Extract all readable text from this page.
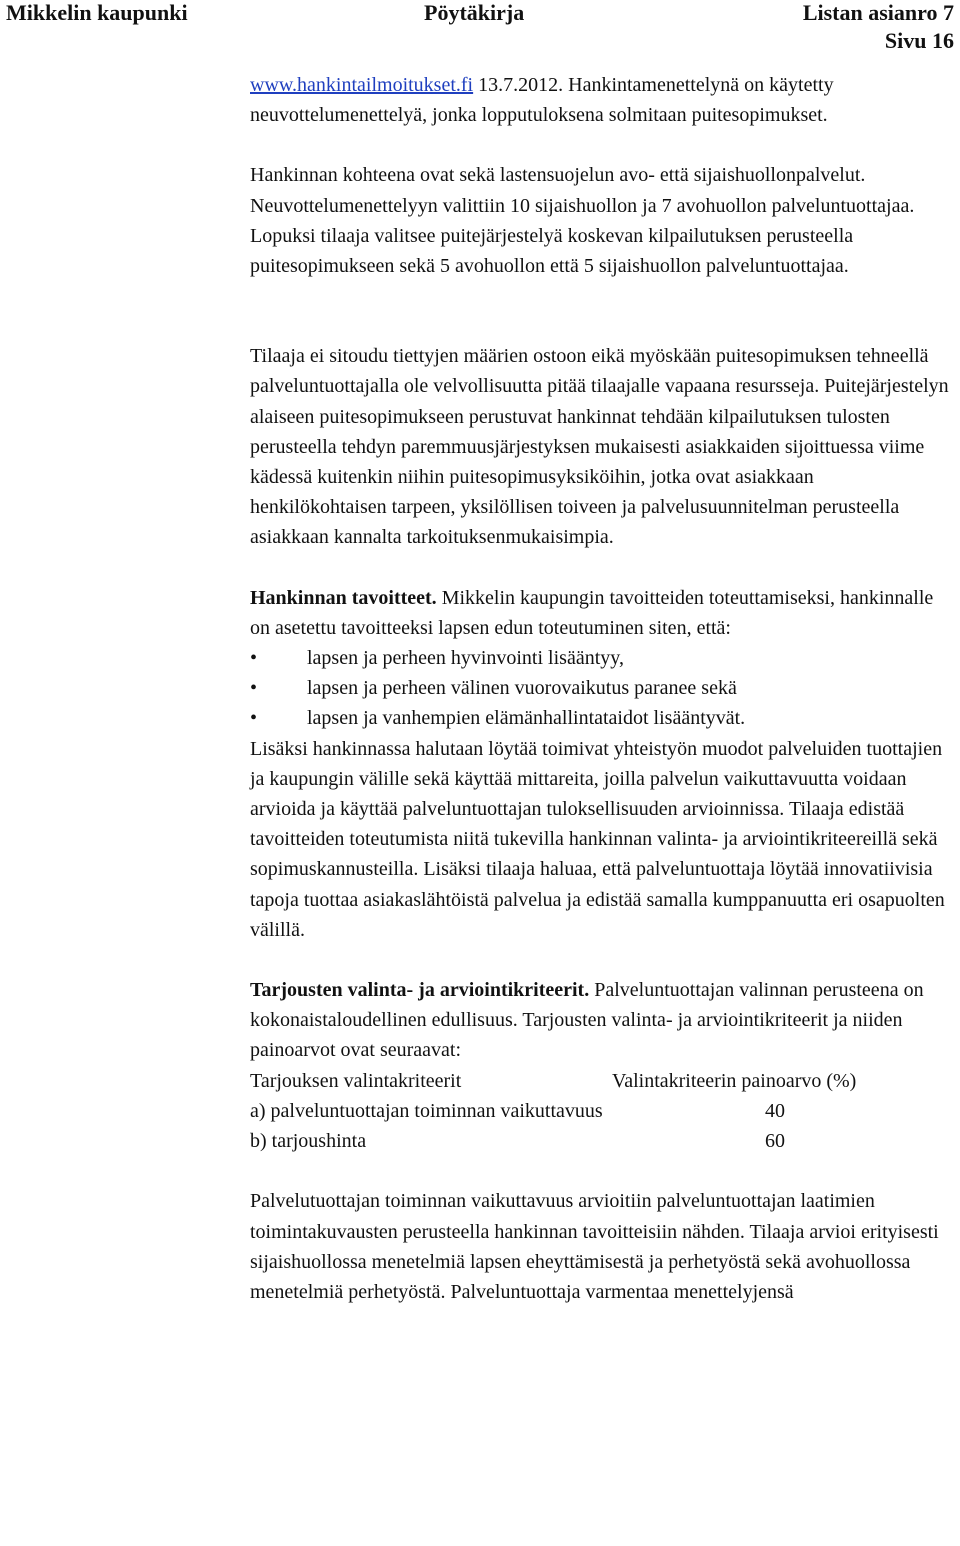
Mikkelin kaupunki	Pöytäkirja	Listan asianro 7
Sivu 16

www.hankintailmoitukset.fi 13.7.2012. Hankintamenettelynä on käytetty neuvottelumenettelyä, jonka lopputuloksena solmitaan puitesopimukset.

Hankinnan kohteena ovat sekä lastensuojelun avo- että sijaishuollonpalvelut. Neuvottelumenettelyyn valittiin 10 sijaishuollon ja 7 avohuollon palveluntuottajaa. Lopuksi tilaaja valitsee puitejärjestelyä koskevan kilpailutuksen perusteella puitesopimukseen sekä 5 avohuollon että 5 sijaishuollon palveluntuottajaa.

Tilaaja ei sitoudu tiettyjen määrien ostoon eikä myöskään puitesopimuksen tehneellä palveluntuottajalla ole velvollisuutta pitää tilaajalle vapaana resursseja. Puitejärjestelyn alaiseen puitesopimukseen perustuvat hankinnat tehdään kilpailutuksen tulosten perusteella tehdyn paremmuusjärjestyksen mukaisesti asiakkaiden sijoittuessa viime kädessä kuitenkin niihin puitesopimusyksiköihin, jotka ovat asiakkaan henkilökohtaisen tarpeen, yksilöllisen toiveen ja palvelusuunnitelman perusteella asiakkaan kannalta tarkoituksenmukaisimpia.

Hankinnan tavoitteet. Mikkelin kaupungin tavoitteiden toteuttamiseksi, hankinnalle on asetettu tavoitteeksi lapsen edun toteutuminen siten, että:

• lapsen ja perheen hyvinvointi lisääntyy,
• lapsen ja perheen välinen vuorovaikutus paranee sekä
• lapsen ja vanhempien elämänhallintataidot lisääntyvät.

Lisäksi hankinnassa halutaan löytää toimivat yhteistyön muodot palveluiden tuottajien ja kaupungin välille sekä käyttää mittareita, joilla palvelun vaikuttavuutta voidaan arvioida ja käyttää palveluntuottajan tuloksellisuuden arvioinnissa. Tilaaja edistää tavoitteiden toteutumista niitä tukevilla hankinnan valinta- ja arviointikriteereillä sekä sopimuskannusteilla. Lisäksi tilaaja haluaa, että palveluntuottaja löytää innovatiivisia tapoja tuottaa asiakaslähtöistä palvelua ja edistää samalla kumppanuutta eri osapuolten välillä.

Tarjousten valinta- ja arviointikriteerit. Palveluntuottajan valinnan perusteena on kokonaistaloudellinen edullisuus. Tarjousten valinta- ja arviointikriteerit ja niiden painoarvot ovat seuraavat:

Tarjouksen valintakriteerit	Valintakriteerin painoarvo (%)
a) palveluntuottajan toiminnan vaikuttavuus	40
b) tarjoushinta	60

Palvelutuottajan toiminnan vaikuttavuus arvioitiin palveluntuottajan laatimien toimintakuvausten perusteella hankinnan tavoitteisiin nähden. Tilaaja arvioi erityisesti sijaishuollossa menetelmiä lapsen eheyttämisestä ja perhetyöstä sekä avohuollossa menetelmiä perhetyöstä. Palveluntuottaja varmentaa menettelyjensä
